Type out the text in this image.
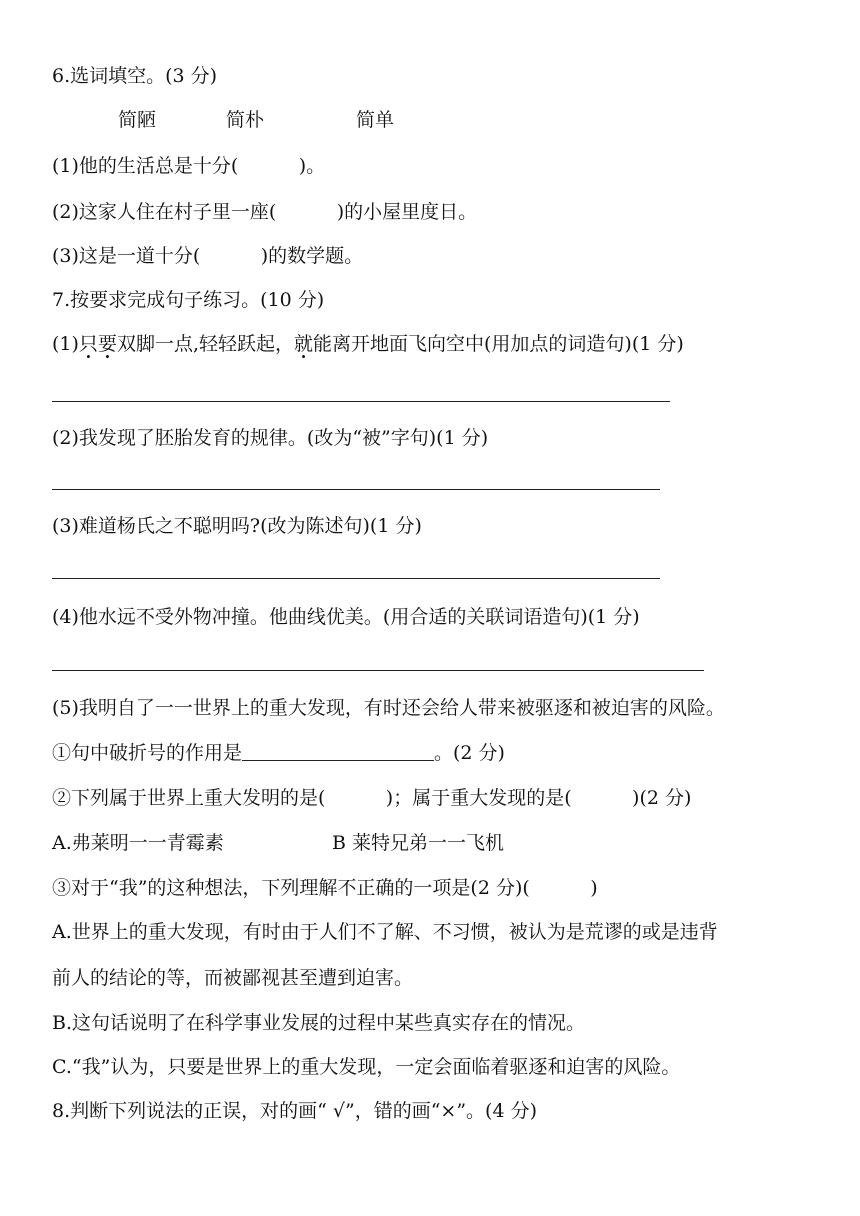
6.选词填空。(3 分)
简陋	简朴	简单
(1)他的生活总是十分(          )。
(2)这家人住在村子里一座(          )的小屋里度日。
(3)这是一道十分(          )的数学题。
7.按要求完成句子练习。(10 分)
(1)只要双脚一点,轻轻跃起，就能离开地面飞向空中(用加点的词造句)(1 分)
(2)我发现了胚胎发育的规律。(改为“被”字句)(1 分)
(3)难道杨氏之不聪明吗?(改为陈述句)(1 分)
(4)他水远不受外物冲撞。他曲线优美。(用合适的关联词语造句)(1 分)
(5)我明自了一一世界上的重大发现，有时还会给人带来被驱逐和被迫害的风险。
①句中破折号的作用是	。(2 分)
②下列属于世界上重大发明的是(          )；属于重大发现的是(          )(2 分)
A.弗莱明一一青霉素	B 莱特兄弟一一飞机
③对于“我”的这种想法，下列理解不正确的一项是(2 分)(          )
A.世界上的重大发现，有时由于人们不了解、不习惯，被认为是荒谬的或是违背
前人的结论的等，而被鄙视甚至遭到迫害。
B.这句话说明了在科学事业发展的过程中某些真实存在的情况。
C.“我”认为，只要是世界上的重大发现，一定会面临着驱逐和迫害的风险。
8.判断下列说法的正误，对的画“ √”，错的画“×”。(4 分)
